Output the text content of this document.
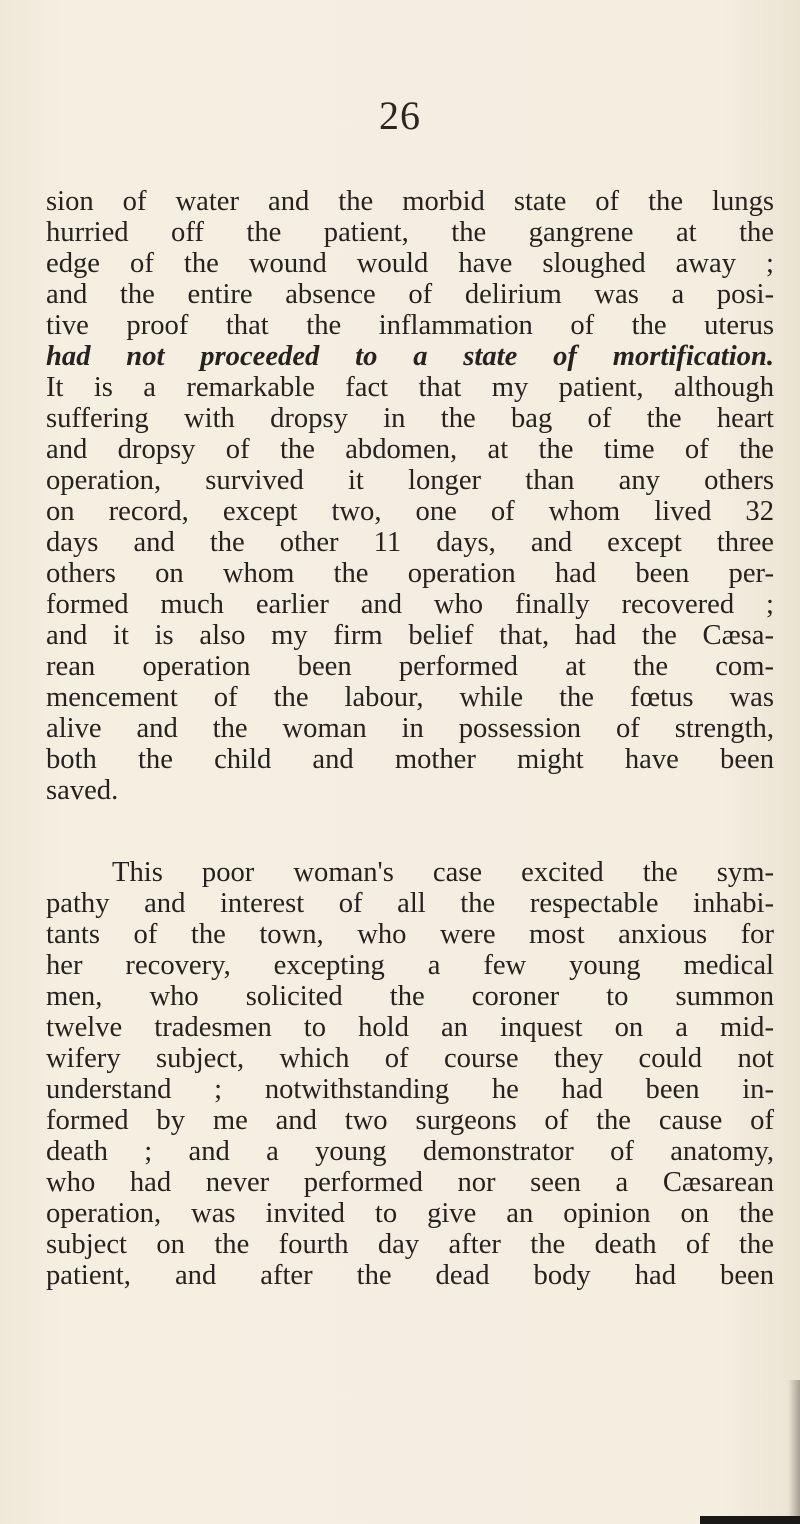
26
sion of water and the morbid state of the lungs
hurried off the patient, the gangrene at the
edge of the wound would have sloughed away ;
and the entire absence of delirium was a posi-
tive proof that the inflammation of the uterus
had not proceeded to a state of mortification.
It is a remarkable fact that my patient, although
suffering with dropsy in the bag of the heart
and dropsy of the abdomen, at the time of the
operation, survived it longer than any others
on record, except two, one of whom lived 32
days and the other 11 days, and except three
others on whom the operation had been per-
formed much earlier and who finally recovered ;
and it is also my firm belief that, had the Cæsa-
rean operation been performed at the com-
mencement of the labour, while the fœtus was
alive and the woman in possession of strength,
both the child and mother might have been
saved.
This poor woman's case excited the sym-
pathy and interest of all the respectable inhabi-
tants of the town, who were most anxious for
her recovery, excepting a few young medical
men, who solicited the coroner to summon
twelve tradesmen to hold an inquest on a mid-
wifery subject, which of course they could not
understand ; notwithstanding he had been in-
formed by me and two surgeons of the cause of
death ; and a young demonstrator of anatomy,
who had never performed nor seen a Cæsarean
operation, was invited to give an opinion on the
subject on the fourth day after the death of the
patient, and after the dead body had been
